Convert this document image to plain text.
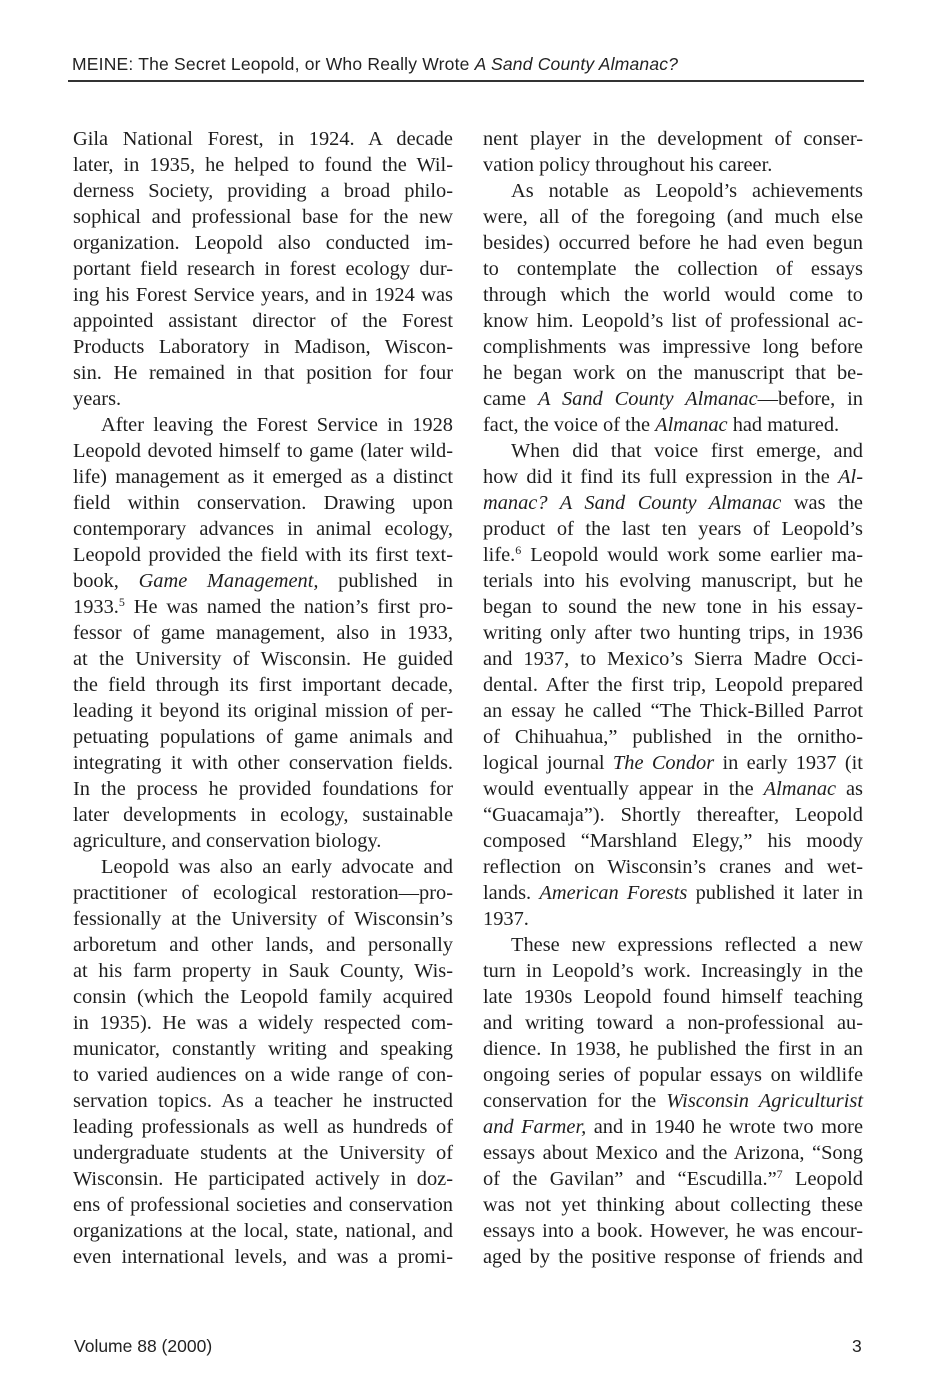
MEINE: The Secret Leopold, or Who Really Wrote A Sand County Almanac?
Gila National Forest, in 1924. A decade
later, in 1935, he helped to found the Wil-
derness Society, providing a broad philo-
sophical and professional base for the new
organization. Leopold also conducted im-
portant field research in forest ecology dur-
ing his Forest Service years, and in 1924 was
appointed assistant director of the Forest
Products Laboratory in Madison, Wiscon-
sin. He remained in that position for four
years.
After leaving the Forest Service in 1928
Leopold devoted himself to game (later wild-
life) management as it emerged as a distinct
field within conservation. Drawing upon
contemporary advances in animal ecology,
Leopold provided the field with its first text-
book, Game Management, published in
1933.$^5$ He was named the nation’s first pro-
fessor of game management, also in 1933,
at the University of Wisconsin. He guided
the field through its first important decade,
leading it beyond its original mission of per-
petuating populations of game animals and
integrating it with other conservation fields.
In the process he provided foundations for
later developments in ecology, sustainable
agriculture, and conservation biology.
Leopold was also an early advocate and
practitioner of ecological restoration—pro-
fessionally at the University of Wisconsin’s
arboretum and other lands, and personally
at his farm property in Sauk County, Wis-
consin (which the Leopold family acquired
in 1935). He was a widely respected com-
municator, constantly writing and speaking
to varied audiences on a wide range of con-
servation topics. As a teacher he instructed
leading professionals as well as hundreds of
undergraduate students at the University of
Wisconsin. He participated actively in doz-
ens of professional societies and conservation
organizations at the local, state, national, and
even international levels, and was a promi-
nent player in the development of conser-
vation policy throughout his career.
As notable as Leopold’s achievements
were, all of the foregoing (and much else
besides) occurred before he had even begun
to contemplate the collection of essays
through which the world would come to
know him. Leopold’s list of professional ac-
complishments was impressive long before
he began work on the manuscript that be-
came A Sand County Almanac—before, in
fact, the voice of the Almanac had matured.
When did that voice first emerge, and
how did it find its full expression in the Al-
manac? A Sand County Almanac was the
product of the last ten years of Leopold’s
life.$^6$ Leopold would work some earlier ma-
terials into his evolving manuscript, but he
began to sound the new tone in his essay-
writing only after two hunting trips, in 1936
and 1937, to Mexico’s Sierra Madre Occi-
dental. After the first trip, Leopold prepared
an essay he called “The Thick-Billed Parrot
of Chihuahua,” published in the ornitho-
logical journal The Condor in early 1937 (it
would eventually appear in the Almanac as
“Guacamaja”). Shortly thereafter, Leopold
composed “Marshland Elegy,” his moody
reflection on Wisconsin’s cranes and wet-
lands. American Forests published it later in
1937.
These new expressions reflected a new
turn in Leopold’s work. Increasingly in the
late 1930s Leopold found himself teaching
and writing toward a non-professional au-
dience. In 1938, he published the first in an
ongoing series of popular essays on wildlife
conservation for the Wisconsin Agriculturist
and Farmer, and in 1940 he wrote two more
essays about Mexico and the Arizona, “Song
of the Gavilan” and “Escudilla.”$^7$ Leopold
was not yet thinking about collecting these
essays into a book. However, he was encour-
aged by the positive response of friends and
Volume 88 (2000)	3
